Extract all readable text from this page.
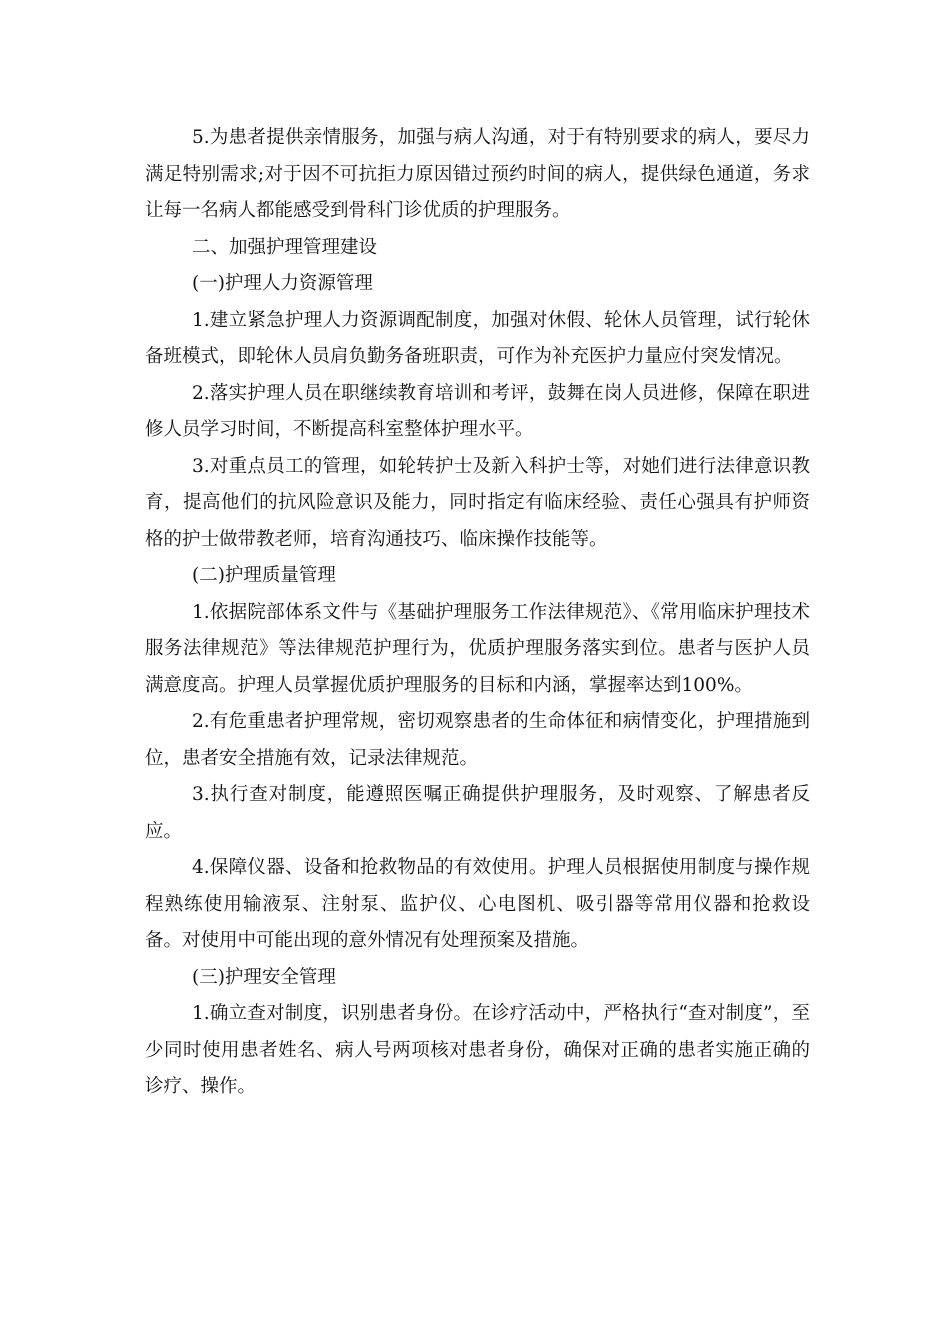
5.为患者提供亲情服务，加强与病人沟通，对于有特别要求的病人，要尽力满足特别需求;对于因不可抗拒力原因错过预约时间的病人，提供绿色通道，务求让每一名病人都能感受到骨科门诊优质的护理服务。

二、加强护理管理建设

(一)护理人力资源管理

1.建立紧急护理人力资源调配制度，加强对休假、轮休人员管理，试行轮休备班模式，即轮休人员肩负勤务备班职责，可作为补充医护力量应付突发情况。

2.落实护理人员在职继续教育培训和考评，鼓舞在岗人员进修，保障在职进修人员学习时间，不断提高科室整体护理水平。

3.对重点员工的管理，如轮转护士及新入科护士等，对她们进行法律意识教育，提高他们的抗风险意识及能力，同时指定有临床经验、责任心强具有护师资格的护士做带教老师，培育沟通技巧、临床操作技能等。

(二)护理质量管理

1.依据院部体系文件与《基础护理服务工作法律规范》、《常用临床护理技术服务法律规范》等法律规范护理行为，优质护理服务落实到位。患者与医护人员满意度高。护理人员掌握优质护理服务的目标和内涵，掌握率达到100%。

2.有危重患者护理常规，密切观察患者的生命体征和病情变化，护理措施到位，患者安全措施有效，记录法律规范。

3.执行查对制度，能遵照医嘱正确提供护理服务，及时观察、了解患者反应。

4.保障仪器、设备和抢救物品的有效使用。护理人员根据使用制度与操作规程熟练使用输液泵、注射泵、监护仪、心电图机、吸引器等常用仪器和抢救设备。对使用中可能出现的意外情况有处理预案及措施。

(三)护理安全管理

1.确立查对制度，识别患者身份。在诊疗活动中，严格执行“查对制度”，至少同时使用患者姓名、病人号两项核对患者身份，确保对正确的患者实施正确的诊疗、操作。
